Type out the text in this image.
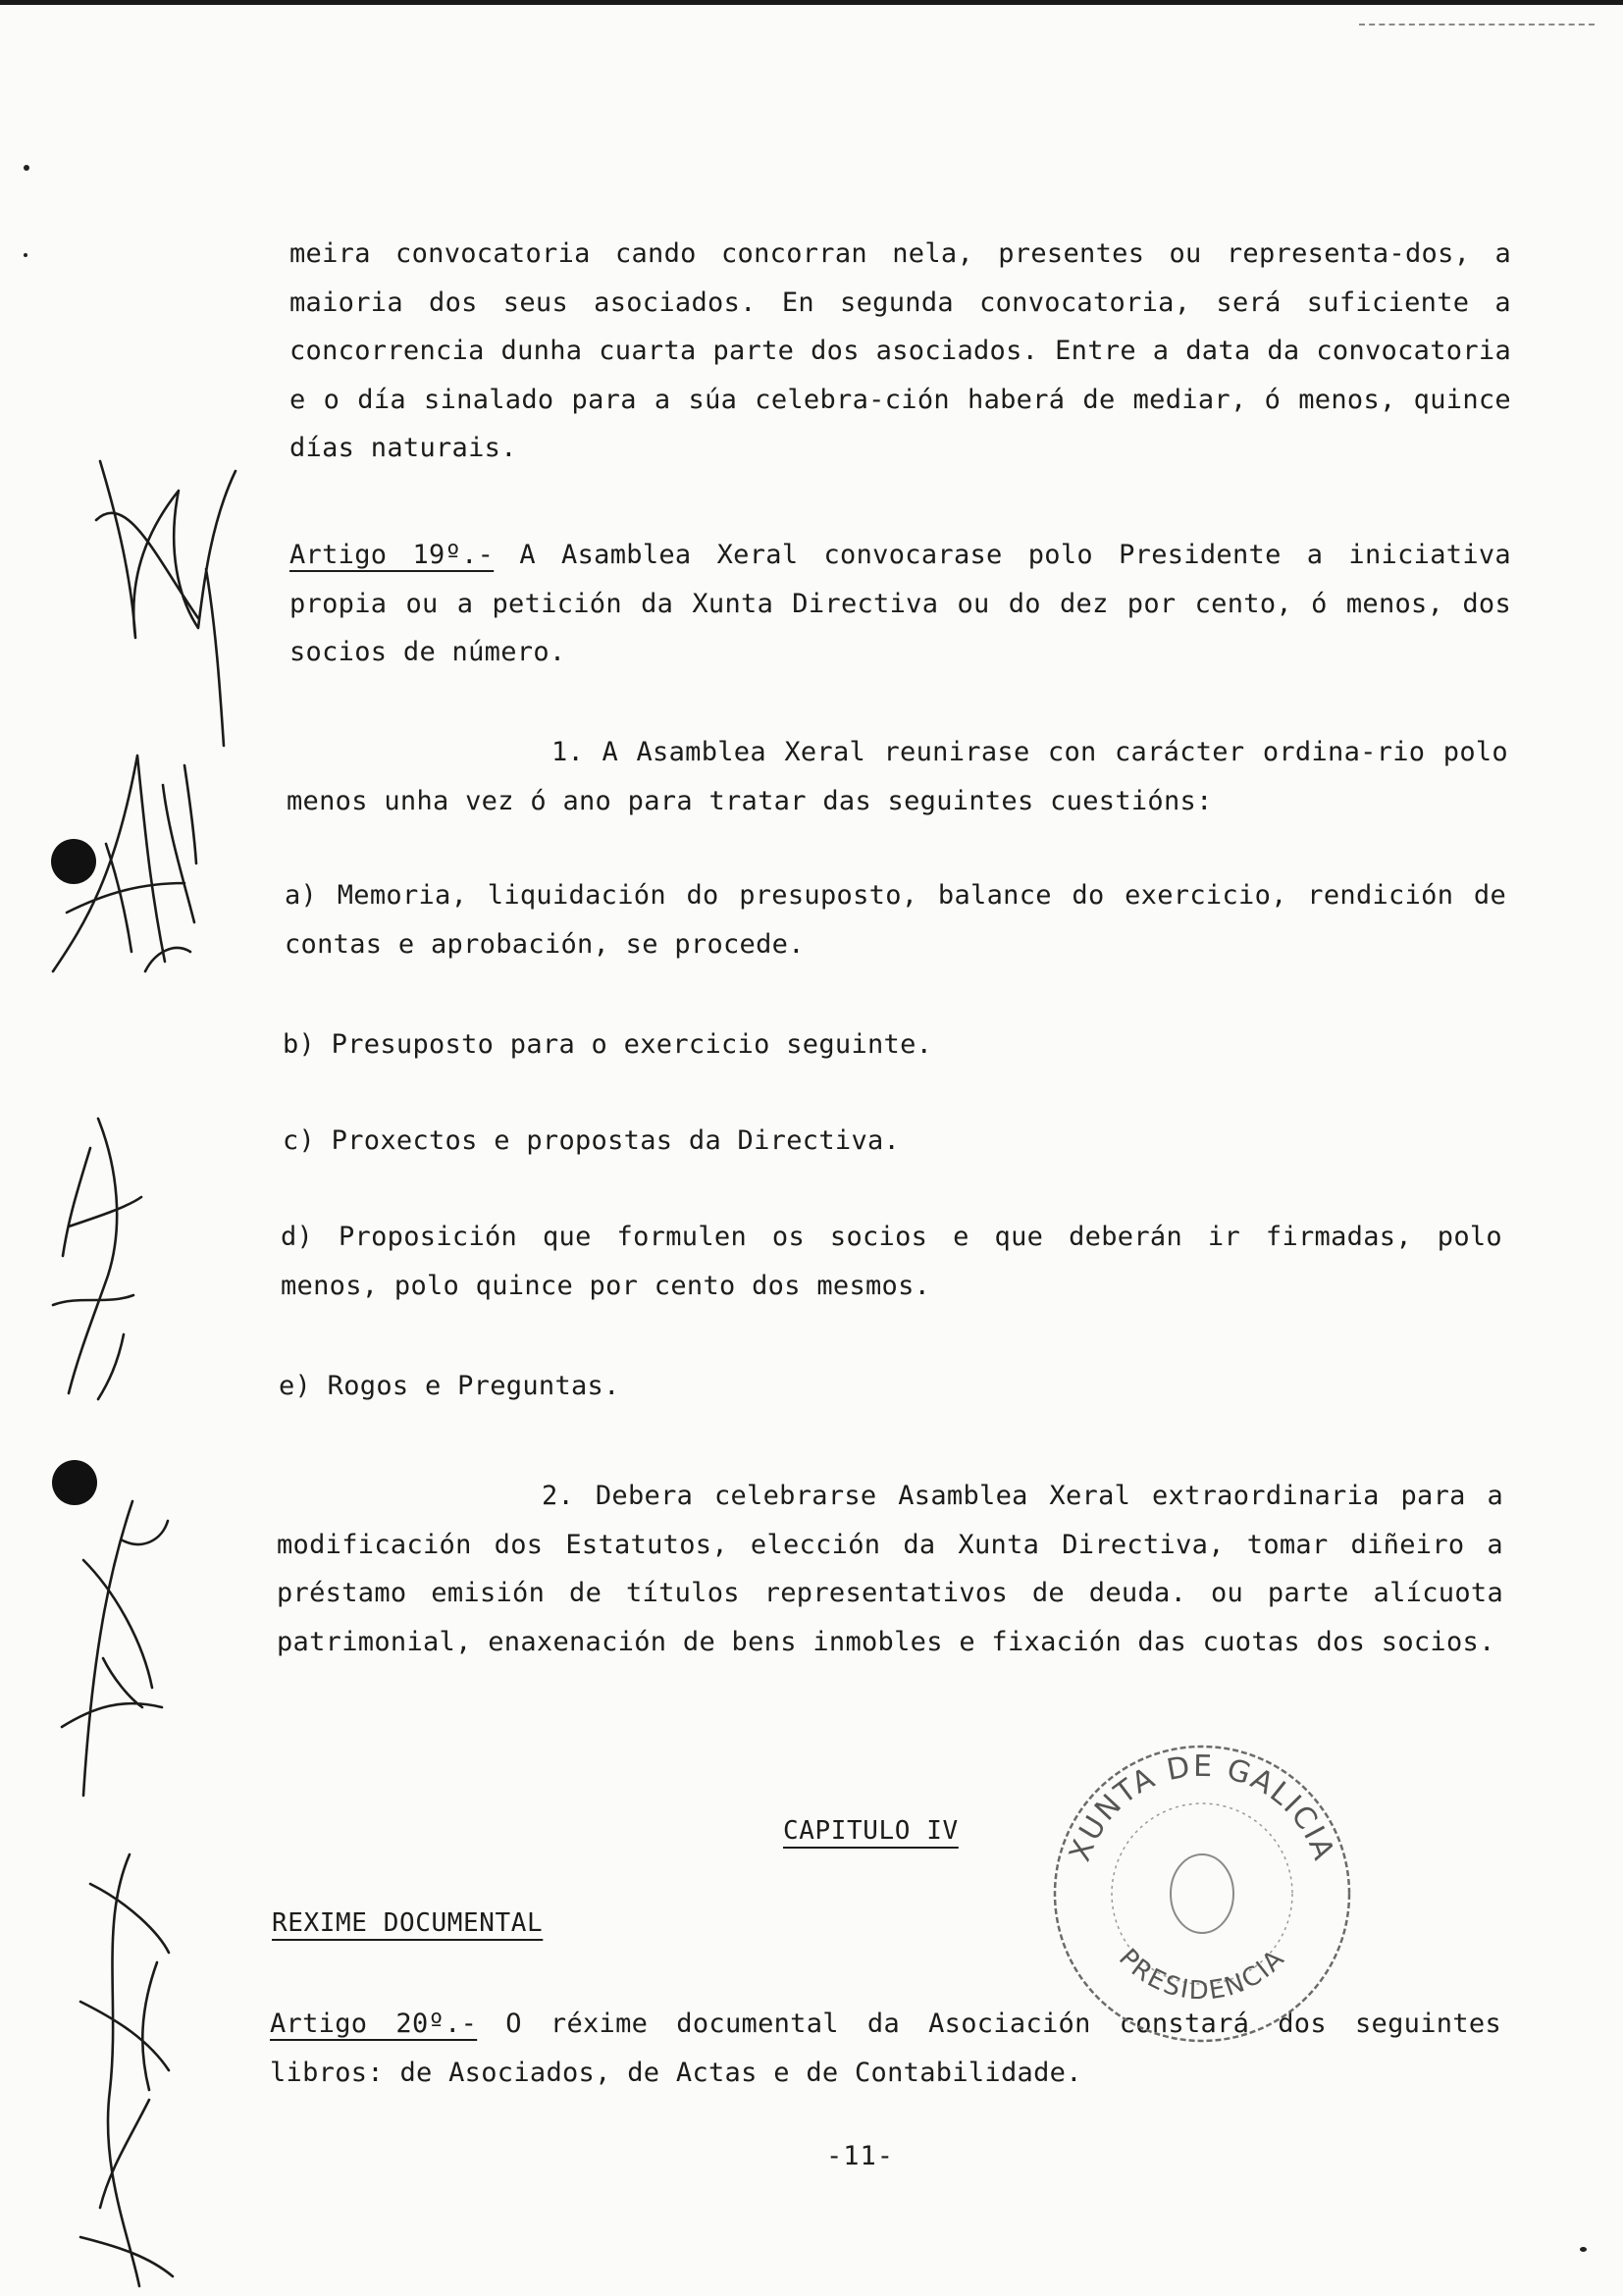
meira convocatoria cando concorran nela, presentes ou representa-dos, a maioria dos seus asociados. En segunda convocatoria, será suficiente a concorrencia dunha cuarta parte dos asociados. Entre a data da convocatoria e o día sinalado para a súa celebra-ción haberá de mediar, ó menos, quince días naturais.

Artigo 19º.- A Asamblea Xeral convocarase polo Presidente a iniciativa propia ou a petición da Xunta Directiva ou do dez por cento, ó menos, dos socios de número.

1. A Asamblea Xeral reunirase con carácter ordina-rio polo menos unha vez ó ano para tratar das seguintes cuestións:

a) Memoria, liquidación do presuposto, balance do exercicio, rendición de contas e aprobación, se procede.

b) Presuposto para o exercicio seguinte.

c) Proxectos e propostas da Directiva.

d) Proposición que formulen os socios e que deberán ir firmadas, polo menos, polo quince por cento dos mesmos.

e) Rogos e Preguntas.

2. Debera celebrarse Asamblea Xeral extraordinaria para a modificación dos Estatutos, elección da Xunta Directiva, tomar diñeiro a préstamo emisión de títulos representativos de deuda. ou parte alícuota patrimonial, enaxenación de bens inmobles e fixación das cuotas dos socios.

CAPITULO IV
REXIME DOCUMENTAL

Artigo 20º.- O réxime documental da Asociación constará dos seguintes libros: de Asociados, de Actas e de Contabilidade.

-11-
XUNTA DE GALICIA
PRESIDENCIA
